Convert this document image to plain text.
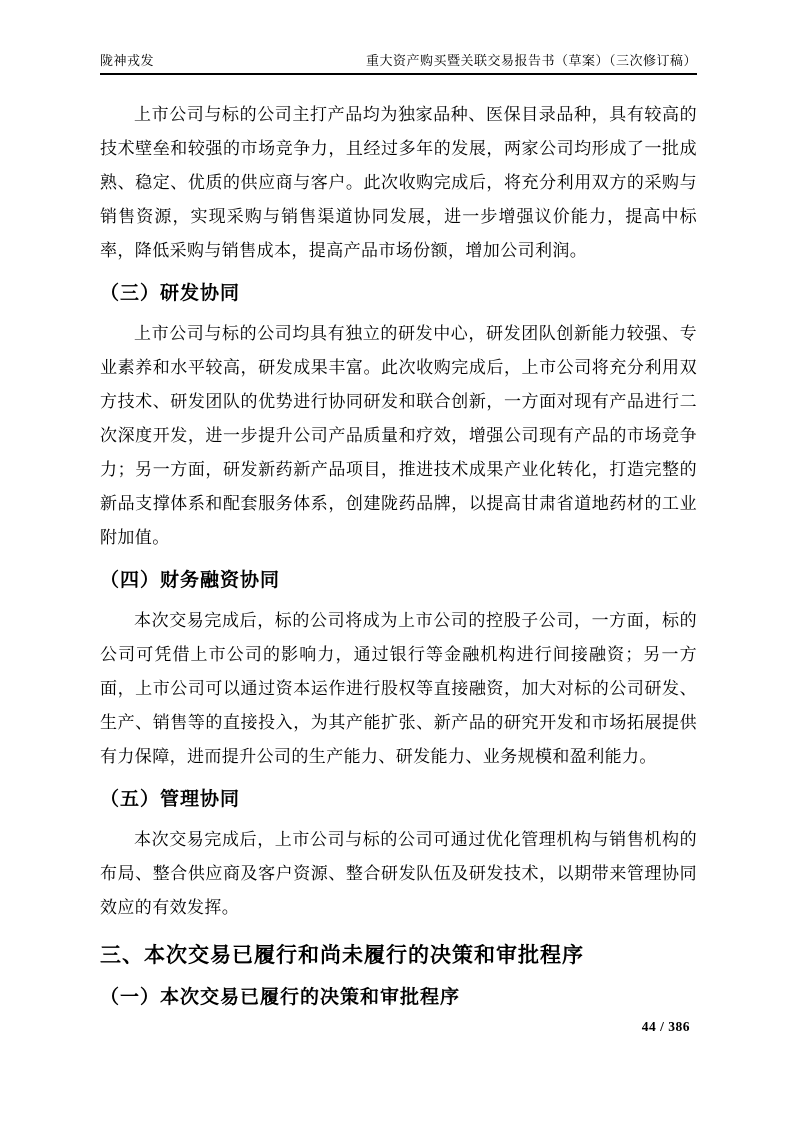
陇神戎发	重大资产购买暨关联交易报告书（草案）（三次修订稿）

上市公司与标的公司主打产品均为独家品种、医保目录品种，具有较高的技术壁垒和较强的市场竞争力，且经过多年的发展，两家公司均形成了一批成熟、稳定、优质的供应商与客户。此次收购完成后，将充分利用双方的采购与销售资源，实现采购与销售渠道协同发展，进一步增强议价能力，提高中标率，降低采购与销售成本，提高产品市场份额，增加公司利润。

（三）研发协同

上市公司与标的公司均具有独立的研发中心，研发团队创新能力较强、专业素养和水平较高，研发成果丰富。此次收购完成后，上市公司将充分利用双方技术、研发团队的优势进行协同研发和联合创新，一方面对现有产品进行二次深度开发，进一步提升公司产品质量和疗效，增强公司现有产品的市场竞争力；另一方面，研发新药新产品项目，推进技术成果产业化转化，打造完整的新品支撑体系和配套服务体系，创建陇药品牌，以提高甘肃省道地药材的工业附加值。

（四）财务融资协同

本次交易完成后，标的公司将成为上市公司的控股子公司，一方面，标的公司可凭借上市公司的影响力，通过银行等金融机构进行间接融资；另一方面，上市公司可以通过资本运作进行股权等直接融资，加大对标的公司研发、生产、销售等的直接投入，为其产能扩张、新产品的研究开发和市场拓展提供有力保障，进而提升公司的生产能力、研发能力、业务规模和盈利能力。

（五）管理协同

本次交易完成后，上市公司与标的公司可通过优化管理机构与销售机构的布局、整合供应商及客户资源、整合研发队伍及研发技术，以期带来管理协同效应的有效发挥。

三、本次交易已履行和尚未履行的决策和审批程序
（一）本次交易已履行的决策和审批程序
44 / 386
